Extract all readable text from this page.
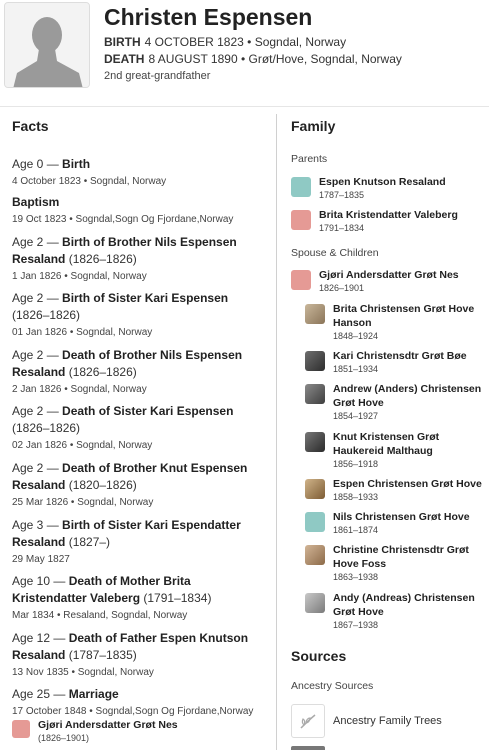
Christen Espensen
BIRTH 4 OCTOBER 1823 • Sogndal, Norway
DEATH 8 AUGUST 1890 • Grøt/Hove, Sogndal, Norway
2nd great-grandfather
Facts
Age 0 — Birth
4 October 1823 • Sogndal, Norway
Baptism
19 Oct 1823 • Sogndal,Sogn Og Fjordane,Norway
Age 2 — Birth of Brother Nils Espensen Resaland (1826–1826)
1 Jan 1826 • Sogndal, Norway
Age 2 — Birth of Sister Kari Espensen (1826–1826)
01 Jan 1826 • Sogndal, Norway
Age 2 — Death of Brother Nils Espensen Resaland (1826–1826)
2 Jan 1826 • Sogndal, Norway
Age 2 — Death of Sister Kari Espensen (1826–1826)
02 Jan 1826 • Sogndal, Norway
Age 2 — Death of Brother Knut Espensen Resaland (1820–1826)
25 Mar 1826 • Sogndal, Norway
Age 3 — Birth of Sister Kari Espendatter Resaland (1827–)
29 May 1827
Age 10 — Death of Mother Brita Kristendatter Valeberg (1791–1834)
Mar 1834 • Resaland, Sogndal, Norway
Age 12 — Death of Father Espen Knutson Resaland (1787–1835)
13 Nov 1835 • Sogndal, Norway
Age 25 — Marriage
17 October 1848 • Sogndal,Sogn Og Fjordane,Norway
Gjøri Andersdatter Grøt Nes
(1826–1901)
Family
Parents
Espen Knutson Resaland
1787–1835
Brita Kristendatter Valeberg
1791–1834
Spouse & Children
Gjøri Andersdatter Grøt Nes
1826–1901
Brita Christensen Grøt Hove Hanson
1848–1924
Kari Christensdtr Grøt Bøe
1851–1934
Andrew (Anders) Christensen Grøt Hove
1854–1927
Knut Kristensen Grøt Haukereid Malthaug
1856–1918
Espen Christensen Grøt Hove
1858–1933
Nils Christensen Grøt Hove
1861–1874
Christine Christensdtr Grøt Hove Foss
1863–1938
Andy (Andreas) Christensen Grøt Hove
1867–1938
Sources
Ancestry Sources
Ancestry Family Trees
